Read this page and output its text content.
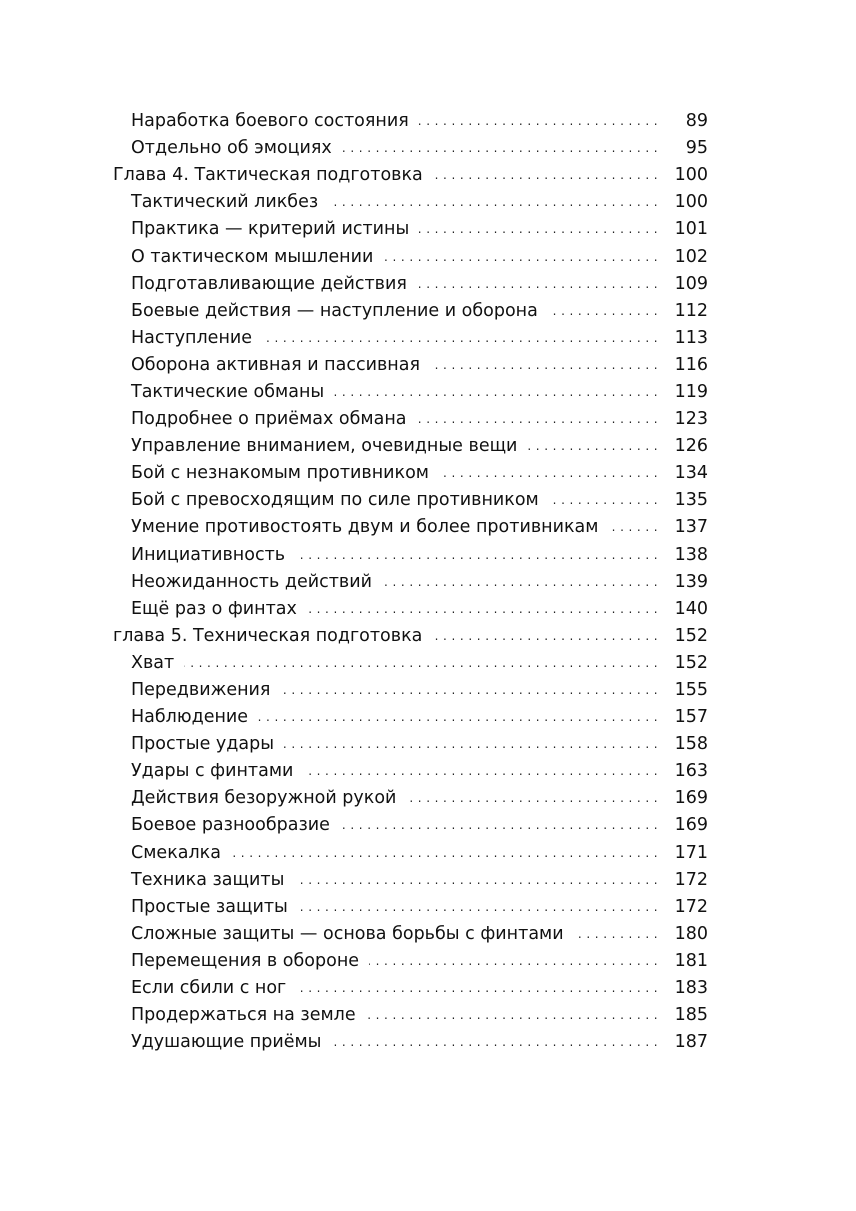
Наработка боевого состояния . . .	89
Отдельно об эмоциях . . .	95
Глава 4. Тактическая подготовка . . .	100
Тактический ликбез . . .	100
Практика — критерий истины . . .	101
О тактическом мышлении . . .	102
Подготавливающие действия . . .	109
Боевые действия — наступление и оборона . . .	112
Наступление . . .	113
Оборона активная и пассивная . . .	116
Тактические обманы . . .	119
Подробнее о приёмах обмана . . .	123
Управление вниманием, очевидные вещи . . .	126
Бой с незнакомым противником . . .	134
Бой с превосходящим по силе противником . . .	135
Умение противостоять двум и более противникам . . .	137
Инициативность . . .	138
Неожиданность действий . . .	139
Ещё раз о финтах . . .	140
глава 5. Техническая подготовка . . .	152
Хват . . .	152
Передвижения . . .	155
Наблюдение . . .	157
Простые удары . . .	158
Удары с финтами . . .	163
Действия безоружной рукой . . .	169
Боевое разнообразие . . .	169
Смекалка . . .	171
Техника защиты . . .	172
Простые защиты . . .	172
Сложные защиты — основа борьбы с финтами . . .	180
Перемещения в обороне . . .	181
Если сбили с ног . . .	183
Продержаться на земле . . .	185
Удушающие приёмы . . .	187
